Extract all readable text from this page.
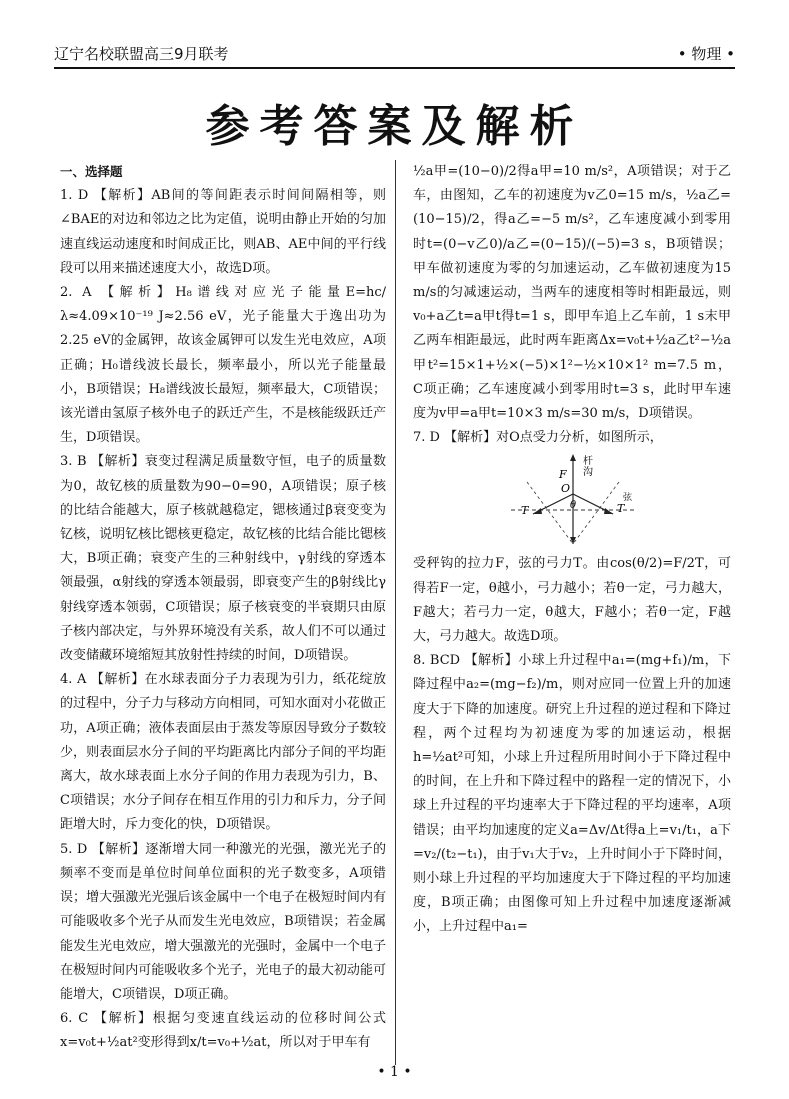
辽宁名校联盟高三9月联考	• 物理 •
参考答案及解析

一、选择题

1. D 【解析】AB间的等间距表示时间间隔相等，则∠BAE的对边和邻边之比为定值，说明由静止开始的匀加速直线运动速度和时间成正比，则AB、AE中间的平行线段可以用来描述速度大小，故选D项。

2. A 【解析】H₈谱线对应光子能量E=hc/λ≈4.09×10⁻¹⁹ J≈2.56 eV，光子能量大于逸出功为2.25 eV的金属钾，故该金属钾可以发生光电效应，A项正确；H₀谱线波长最长，频率最小，所以光子能量最小，B项错误；H₈谱线波长最短，频率最大，C项错误；该光谱由氢原子核外电子的跃迁产生，不是核能级跃迁产生，D项错误。

3. B 【解析】衰变过程满足质量数守恒，电子的质量数为0，故钇核的质量数为90−0=90，A项错误；原子核的比结合能越大，原子核就越稳定，锶核通过β衰变变为钇核，说明钇核比锶核更稳定，故钇核的比结合能比锶核大，B项正确；衰变产生的三种射线中，γ射线的穿透本领最强，α射线的穿透本领最弱，即衰变产生的β射线比γ射线穿透本领弱，C项错误；原子核衰变的半衰期只由原子核内部决定，与外界环境没有关系，故人们不可以通过改变储藏环境缩短其放射性持续的时间，D项错误。

4. A 【解析】在水球表面分子力表现为引力，纸花绽放的过程中，分子力与移动方向相同，可知水面对小花做正功，A项正确；液体表面层由于蒸发等原因导致分子数较少，则表面层水分子间的平均距离比内部分子间的平均距离大，故水球表面上水分子间的作用力表现为引力，B、C项错误；水分子间存在相互作用的引力和斥力，分子间距增大时，斥力变化的快，D项错误。

5. D 【解析】逐渐增大同一种激光的光强，激光光子的频率不变而是单位时间单位面积的光子数变多，A项错误；增大强激光光强后该金属中一个电子在极短时间内有可能吸收多个光子从而发生光电效应，B项错误；若金属能发生光电效应，增大强激光的光强时，金属中一个电子在极短时间内可能吸收多个光子，光电子的最大初动能可能增大，C项错误，D项正确。

6. C 【解析】根据匀变速直线运动的位移时间公式x=v₀t+½at²变形得到x/t=v₀+½at，所以对于甲车有

½a甲=(10−0)/2得a甲=10 m/s²，A项错误；对于乙车，由图知，乙车的初速度为v乙0=15 m/s，½a乙=(10−15)/2，得a乙=−5 m/s²，乙车速度减小到零用时t=(0−v乙0)/a乙=(0−15)/(−5)=3 s，B项错误；甲车做初速度为零的匀加速运动，乙车做初速度为15 m/s的匀减速运动，当两车的速度相等时相距最远，则v₀+a乙t=a甲t得t=1 s，即甲车追上乙车前，1 s末甲乙两车相距最远，此时两车距离Δx=v₀t+½a乙t²−½a甲t²=15×1+½×(−5)×1²−½×10×1² m=7.5 m，C项正确；乙车速度减小到零用时t=3 s，此时甲车速度为v甲=a甲t=10×3 m/s=30 m/s，D项错误。

7. D 【解析】对O点受力分析，如图所示，

杆
沟
O
θ
T	T
弦
F

受秤钩的拉力F，弦的弓力T。由cos(θ/2)=F/2T，可得若F一定，θ越小，弓力越小；若θ一定，弓力越大，F越大；若弓力一定，θ越大，F越小；若θ一定，F越大，弓力越大。故选D项。

8. BCD 【解析】小球上升过程中a₁=(mg+f₁)/m，下降过程中a₂=(mg−f₂)/m，则对应同一位置上升的加速度大于下降的加速度。研究上升过程的逆过程和下降过程，两个过程均为初速度为零的加速运动，根据h=½at²可知，小球上升过程所用时间小于下降过程中的时间，在上升和下降过程中的路程一定的情况下，小球上升过程的平均速率大于下降过程的平均速率，A项错误；由平均加速度的定义a=Δv/Δt得a上=v₁/t₁，a下=v₂/(t₂−t₁)，由于v₁大于v₂，上升时间小于下降时间，则小球上升过程的平均加速度大于下降过程的平均加速度，B项正确；由图像可知上升过程中加速度逐渐减小，上升过程中a₁=

• 1 •
